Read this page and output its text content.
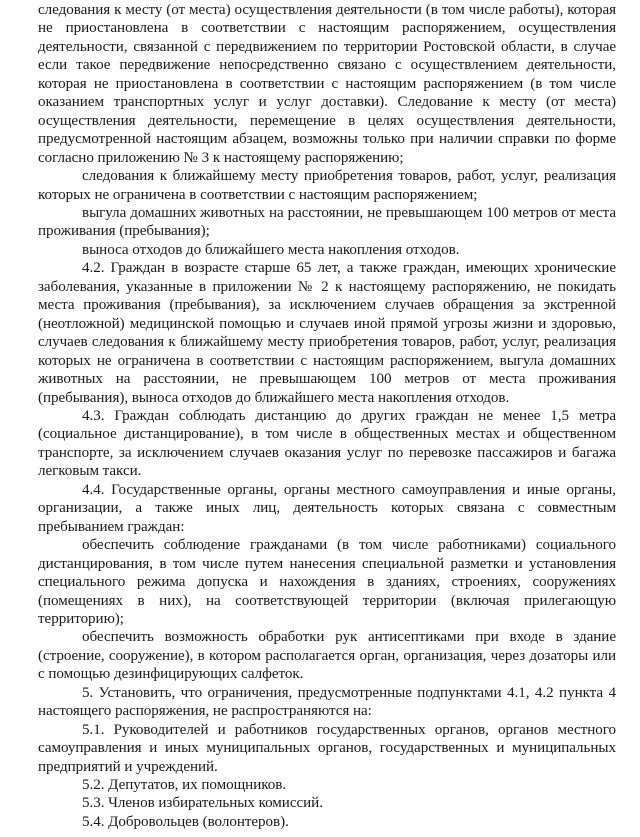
следования к месту (от места) осуществления деятельности (в том числе работы), которая не приостановлена в соответствии с настоящим распоряжением, осуществления деятельности, связанной с передвижением по территории Ростовской области, в случае если такое передвижение непосредственно связано с осуществлением деятельности, которая не приостановлена в соответствии с настоящим распоряжением (в том числе оказанием транспортных услуг и услуг доставки). Следование к месту (от места) осуществления деятельности, перемещение в целях осуществления деятельности, предусмотренной настоящим абзацем, возможны только при наличии справки по форме согласно приложению № 3 к настоящему распоряжению;

следования к ближайшему месту приобретения товаров, работ, услуг, реализация которых не ограничена в соответствии с настоящим распоряжением;

выгула домашних животных на расстоянии, не превышающем 100 метров от места проживания (пребывания);

выноса отходов до ближайшего места накопления отходов.

4.2. Граждан в возрасте старше 65 лет, а также граждан, имеющих хронические заболевания, указанные в приложении № 2 к настоящему распоряжению, не покидать места проживания (пребывания), за исключением случаев обращения за экстренной (неотложной) медицинской помощью и случаев иной прямой угрозы жизни и здоровью, случаев следования к ближайшему месту приобретения товаров, работ, услуг, реализация которых не ограничена в соответствии с настоящим распоряжением, выгула домашних животных на расстоянии, не превышающем 100 метров от места проживания (пребывания), выноса отходов до ближайшего места накопления отходов.

4.3. Граждан соблюдать дистанцию до других граждан не менее 1,5 метра (социальное дистанцирование), в том числе в общественных местах и общественном транспорте, за исключением случаев оказания услуг по перевозке пассажиров и багажа легковым такси.

4.4. Государственные органы, органы местного самоуправления и иные органы, организации, а также иных лиц, деятельность которых связана с совместным пребыванием граждан:

обеспечить соблюдение гражданами (в том числе работниками) социального дистанцирования, в том числе путем нанесения специальной разметки и установления специального режима допуска и нахождения в зданиях, строениях, сооружениях (помещениях в них), на соответствующей территории (включая прилегающую территорию);

обеспечить возможность обработки рук антисептиками при входе в здание (строение, сооружение), в котором располагается орган, организация, через дозаторы или с помощью дезинфицирующих салфеток.

5. Установить, что ограничения, предусмотренные подпунктами 4.1, 4.2 пункта 4 настоящего распоряжения, не распространяются на:

5.1. Руководителей и работников государственных органов, органов местного самоуправления и иных муниципальных органов, государственных и муниципальных предприятий и учреждений.

5.2. Депутатов, их помощников.

5.3. Членов избирательных комиссий.

5.4. Добровольцев (волонтеров).
